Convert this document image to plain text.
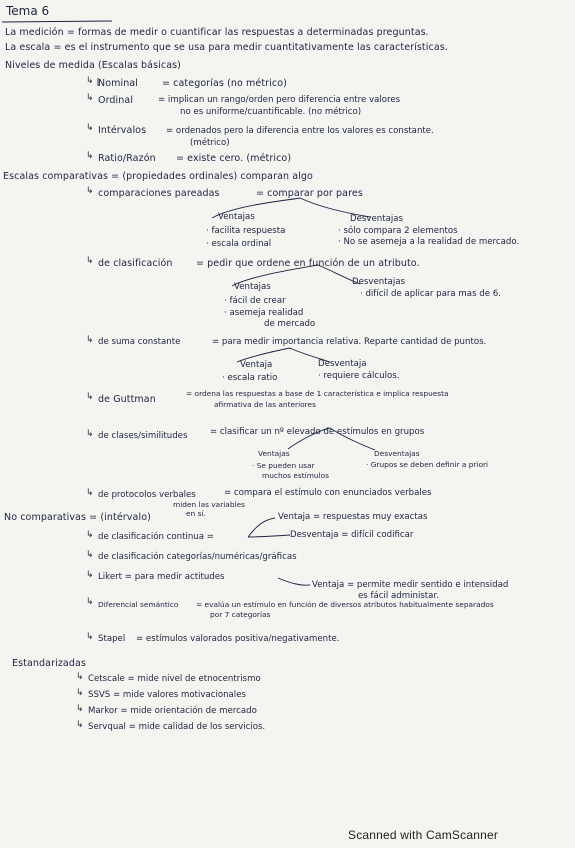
Tema 6
La medición = formas de medir o cuantificar las respuestas a determinadas preguntas.
La escala = es el instrumento que se usa para medir cuantitativamente las características.
Niveles de medida (Escalas básicas)
↳ Nominal	= categorías (no métrico)
↳ Ordinal	= implican un rango/orden pero diferencia entre valores
no es uniforme/cuantificable. (no métrico)
↳ Intérvalos = ordenados pero la diferencia entre los valores es constante.
(métrico)
↳ Ratio/Razón = existe cero. (métrico)
Escalas comparativas = (propiedades ordinales) comparan algo
↳ comparaciones pareadas	= comparar por pares
Ventajas
· facilita respuesta
· escala ordinal
Desventajas
· sólo compara 2 elementos
· No se asemeja a la realidad de mercado.
↳ de clasificación = pedir que ordene en función de un atributo.
Ventajas
· fácil de crear
· asemeja realidad
de mercado
Desventajas
· difícil de aplicar para mas de 6.
↳ de suma constante	= para medir importancia relativa. Reparte cantidad de puntos.
Ventaja
· escala ratio
Desventaja
· requiere cálculos.
↳ de Guttman
= ordena las respuestas a base de 1 característica e implica respuesta
afirmativa de las anteriores
↳ de clases/similitudes	= clasificar un nº elevado de estímulos en grupos
Ventajas
· Se pueden usar
muchos estímulos
Desventajas
· Grupos se deben definir a priori
↳ de protocolos verbales	= compara el estímulo con enunciados verbales
No comparativas = (intérvalo)
miden las variables
en sí.
↳ de clasificación continua =
Ventaja = respuestas muy exactas
Desventaja = difícil codificar
↳ de clasificación categorías/numéricas/gráficas
↳ Likert = para medir actitudes
Ventaja = permite medir sentido e intensidad
es fácil administar.
↳ Diferencial semántico = evalúa un estímulo en función de diversos atributos habitualmente separados
por 7 categorías
↳ Stapel = estímulos valorados positiva/negativamente.
Estandarizadas
↳ Cetscale = mide nivel de etnocentrismo
↳ SSVS = mide valores motivacionales
↳ Markor = mide orientación de mercado
↳ Servqual = mide calidad de los servicios.
Scanned with CamScanner
